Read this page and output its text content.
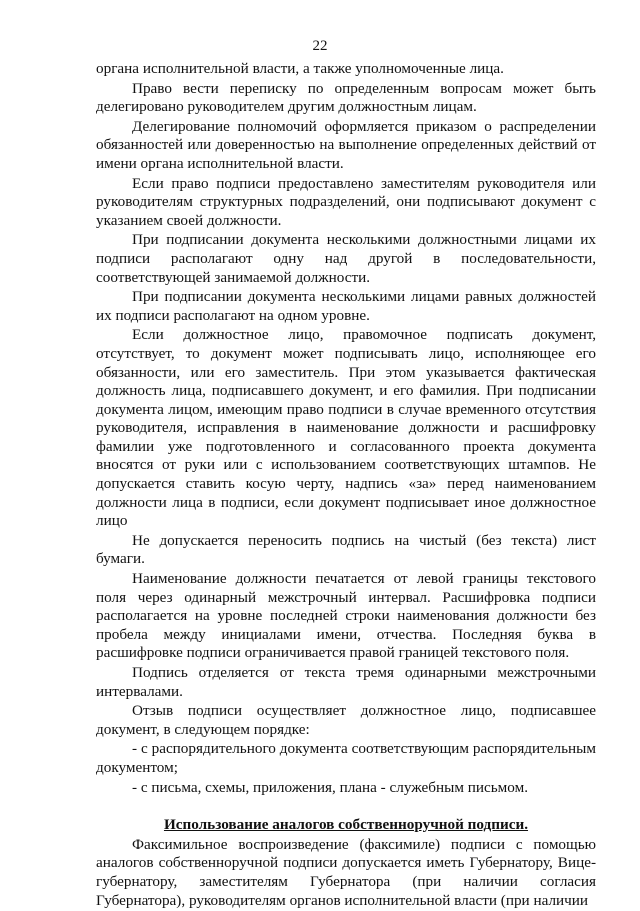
22

органа исполнительной власти, а также уполномоченные лица.

Право вести переписку по определенным вопросам может быть делегировано руководителем другим должностным лицам.

Делегирование полномочий оформляется приказом о распределении обязанностей или доверенностью на выполнение определенных действий от имени органа исполнительной власти.

Если право подписи предоставлено заместителям руководителя или руководителям структурных подразделений, они подписывают документ с указанием своей должности.

При подписании документа несколькими должностными лицами их подписи располагают одну над другой в последовательности, соответствующей занимаемой должности.

При подписании документа несколькими лицами равных должностей их подписи располагают на одном уровне.

Если должностное лицо, правомочное подписать документ, отсутствует, то документ может подписывать лицо, исполняющее его обязанности, или его заместитель. При этом указывается фактическая должность лица, подписавшего документ, и его фамилия. При подписании документа лицом, имеющим право подписи в случае временного отсутствия руководителя, исправления в наименование должности и расшифровку фамилии уже подготовленного и согласованного проекта документа вносятся от руки или с использованием соответствующих штампов. Не допускается ставить косую черту, надпись «за» перед наименованием должности лица в подписи, если документ подписывает иное должностное лицо

Не допускается переносить подпись на чистый (без текста) лист бумаги.

Наименование должности печатается от левой границы текстового поля через одинарный межстрочный интервал. Расшифровка подписи располагается на уровне последней строки наименования должности без пробела между инициалами имени, отчества. Последняя буква в расшифровке подписи ограничивается правой границей текстового поля.

Подпись отделяется от текста тремя одинарными межстрочными интервалами.

Отзыв подписи осуществляет должностное лицо, подписавшее документ, в следующем порядке:

- с распорядительного документа соответствующим распорядительным документом;

- с письма, схемы, приложения, плана - служебным письмом.

Использование аналогов собственноручной подписи.

Факсимильное воспроизведение (факсимиле) подписи с помощью аналогов собственноручной подписи допускается иметь Губернатору, Вице-губернатору, заместителям Губернатора (при наличии согласия Губернатора), руководителям органов исполнительной власти (при наличии
